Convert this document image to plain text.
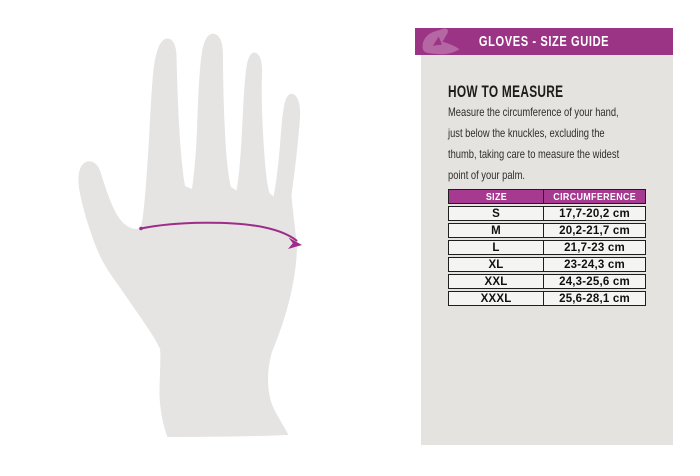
GLOVES - SIZE GUIDE
HOW TO MEASURE
Measure the circumference of your hand,
just below the knuckles, excluding the
thumb, taking care to measure the widest
point of your palm.
SIZE	CIRCUMFERENCE
S	17,7-20,2 cm
M	20,2-21,7 cm
L	21,7-23 cm
XL	23-24,3 cm
XXL	24,3-25,6 cm
XXXL	25,6-28,1 cm
